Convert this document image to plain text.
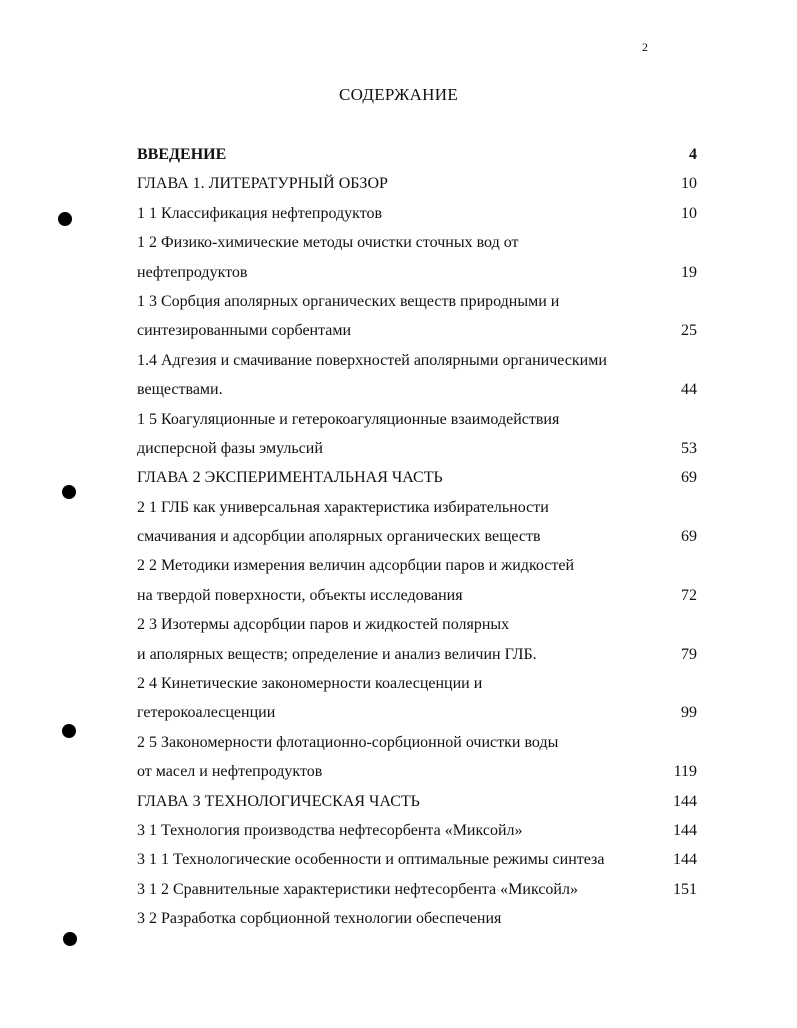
2
СОДЕРЖАНИЕ
ВВЕДЕНИЕ	4
ГЛАВА 1. ЛИТЕРАТУРНЫЙ ОБЗОР	10
1 1 Классификация нефтепродуктов	10
1 2 Физико-химические методы очистки сточных вод от
нефтепродуктов	19
1 3 Сорбция аполярных органических веществ природными и
синтезированными сорбентами	25
1.4 Адгезия и смачивание поверхностей аполярными органическими
веществами.	44
1 5 Коагуляционные и гетерокоагуляционные взаимодействия
дисперсной фазы эмульсий	53
ГЛАВА 2 ЭКСПЕРИМЕНТАЛЬНАЯ ЧАСТЬ	69
2 1 ГЛБ как универсальная характеристика избирательности
смачивания и адсорбции аполярных органических веществ	69
2 2 Методики измерения величин адсорбции паров и жидкостей
на твердой поверхности, объекты исследования	72
2 3 Изотермы адсорбции паров и жидкостей полярных
и аполярных веществ; определение и анализ величин ГЛБ.	79
2 4 Кинетические закономерности коалесценции и
гетерокоалесценции	99
2 5 Закономерности флотационно-сорбционной очистки воды
от масел и нефтепродуктов	119
ГЛАВА 3 ТЕХНОЛОГИЧЕСКАЯ ЧАСТЬ	144
3 1 Технология производства нефтесорбента «Миксойл»	144
3 1 1 Технологические особенности и оптимальные режимы синтеза	144
3 1 2 Сравнительные характеристики нефтесорбента «Миксойл»	151
3 2 Разработка сорбционной технологии обеспечения
